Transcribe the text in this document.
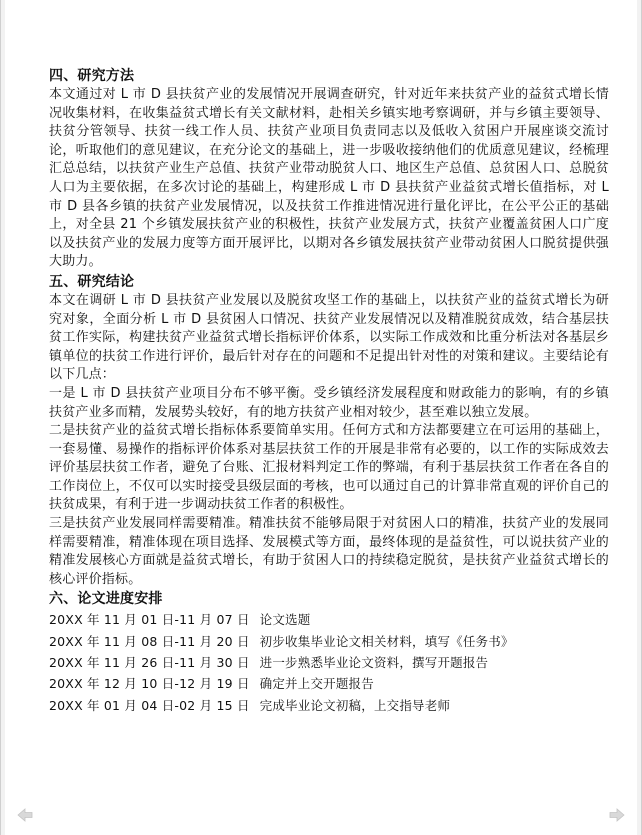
四、研究方法

本文通过对 L 市 D 县扶贫产业的发展情况开展调查研究，针对近年来扶贫产业的益贫式增长情况收集材料，在收集益贫式增长有关文献材料，赴相关乡镇实地考察调研，并与乡镇主要领导、扶贫分管领导、扶贫一线工作人员、扶贫产业项目负责同志以及低收入贫困户开展座谈交流讨论，听取他们的意见建议，在充分论文的基础上，进一步吸收接纳他们的优质意见建议，经梳理汇总总结，以扶贫产业生产总值、扶贫产业带动脱贫人口、地区生产总值、总贫困人口、总脱贫人口为主要依据，在多次讨论的基础上，构建形成 L 市 D 县扶贫产业益贫式增长值指标，对 L 市 D 县各乡镇的扶贫产业发展情况，以及扶贫工作推进情况进行量化评比，在公平公正的基础上，对全县 21 个乡镇发展扶贫产业的积极性，扶贫产业发展方式，扶贫产业覆盖贫困人口广度以及扶贫产业的发展力度等方面开展评比，以期对各乡镇发展扶贫产业带动贫困人口脱贫提供强大助力。

五、研究结论

本文在调研 L 市 D 县扶贫产业发展以及脱贫攻坚工作的基础上，以扶贫产业的益贫式增长为研究对象，全面分析 L 市 D 县贫困人口情况、扶贫产业发展情况以及精准脱贫成效，结合基层扶贫工作实际，构建扶贫产业益贫式增长指标评价体系，以实际工作成效和比重分析法对各基层乡镇单位的扶贫工作进行评价，最后针对存在的问题和不足提出针对性的对策和建议。主要结论有以下几点：

一是 L 市 D 县扶贫产业项目分布不够平衡。受乡镇经济发展程度和财政能力的影响，有的乡镇扶贫产业多而精，发展势头较好，有的地方扶贫产业相对较少，甚至难以独立发展。

二是扶贫产业的益贫式增长指标体系要简单实用。任何方式和方法都要建立在可运用的基础上，一套易懂、易操作的指标评价体系对基层扶贫工作的开展是非常有必要的，以工作的实际成效去评价基层扶贫工作者，避免了台账、汇报材料判定工作的弊端，有利于基层扶贫工作者在各自的工作岗位上，不仅可以实时接受县级层面的考核，也可以通过自己的计算非常直观的评价自己的扶贫成果，有利于进一步调动扶贫工作者的积极性。

三是扶贫产业发展同样需要精准。精准扶贫不能够局限于对贫困人口的精准，扶贫产业的发展同样需要精准，精准体现在项目选择、发展模式等方面，最终体现的是益贫性，可以说扶贫产业的精准发展核心方面就是益贫式增长，有助于贫困人口的持续稳定脱贫，是扶贫产业益贫式增长的核心评价指标。

六、论文进度安排
20XX 年 11 月 01 日-11 月 07 日 论文选题
20XX 年 11 月 08 日-11 月 20 日 初步收集毕业论文相关材料，填写《任务书》
20XX 年 11 月 26 日-11 月 30 日 进一步熟悉毕业论文资料，撰写开题报告
20XX 年 12 月 10 日-12 月 19 日 确定并上交开题报告
20XX 年 01 月 04 日-02 月 15 日 完成毕业论文初稿，上交指导老师
